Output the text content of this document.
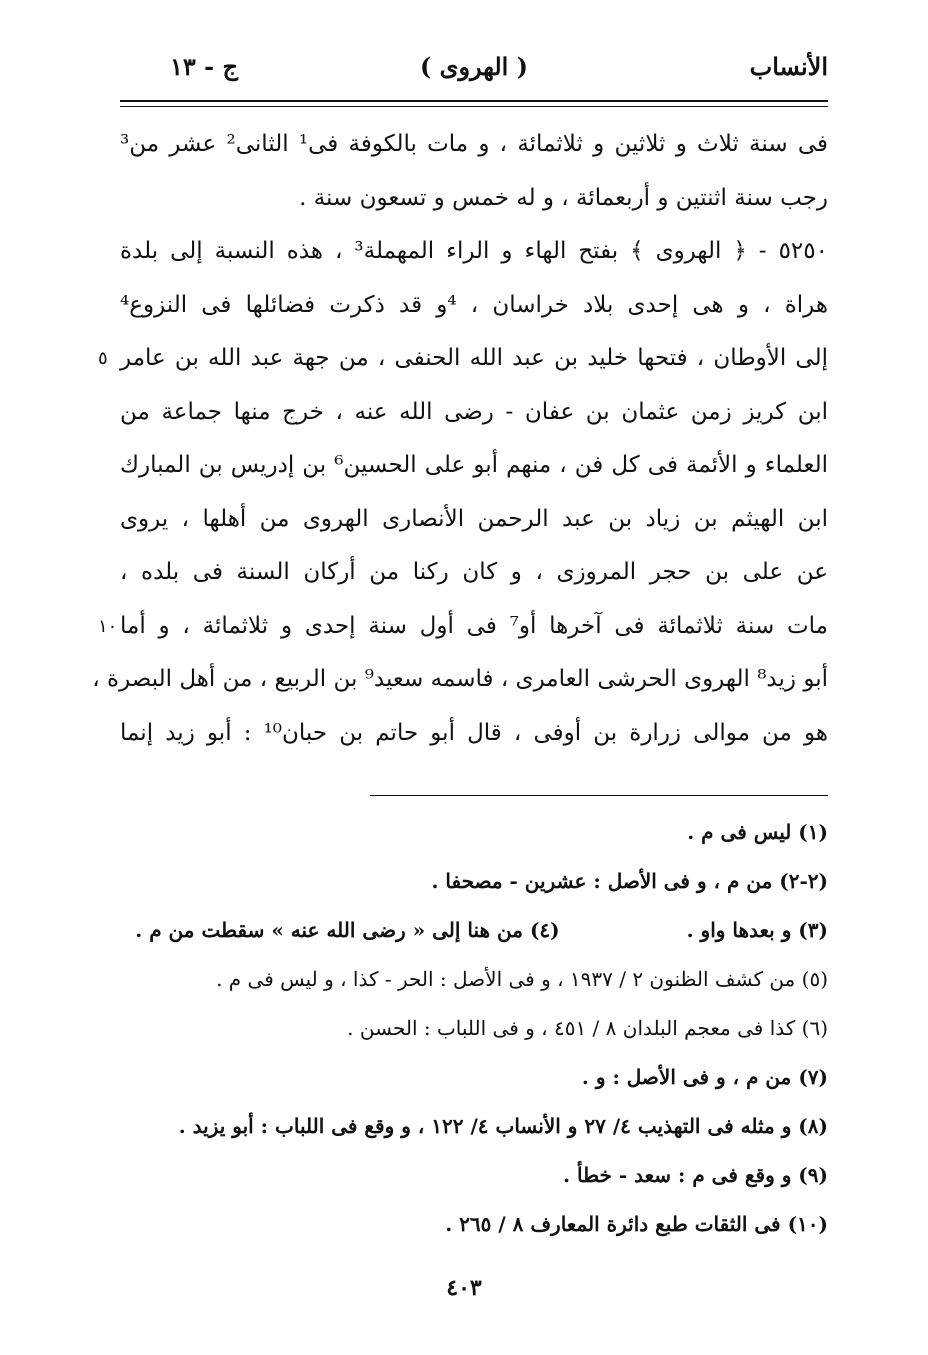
الأنساب
( الهروى )
ج - ١٣
فى سنة ثلاث و ثلاثين و ثلاثمائة ، و مات بالكوفة فى¹ الثانى² عشر من³
رجب سنة اثنتين و أربعمائة ، و له خمس و تسعون سنة .
٥٢٥٠ - ﴿ الهروى ﴾ بفتح الهاء و الراء المهملة³ ، هذه النسبة إلى بلدة
هراة ، و هى إحدى بلاد خراسان ، ⁴و قد ذكرت فضائلها فى النزوع⁴
إلى الأوطان ، فتحها خليد بن عبد الله الحنفى ، من جهة عبد الله بن عامر
٥
ابن كريز زمن عثمان بن عفان - رضى الله عنه ، خرج منها جماعة من
العلماء و الأئمة فى كل فن ، منهم أبو على الحسين⁶ بن إدريس بن المبارك
ابن الهيثم بن زياد بن عبد الرحمن الأنصارى الهروى من أهلها ، يروى
عن على بن حجر المروزى ، و كان ركنا من أركان السنة فى بلده ،
مات سنة ثلاثمائة فى آخرها أو⁷ فى أول سنة إحدى و ثلاثمائة ، و أما
١٠
أبو زيد⁸ الهروى الحرشى العامرى ، فاسمه سعيد⁹ بن الربيع ، من أهل البصرة ،
هو من موالى زرارة بن أوفى ، قال أبو حاتم بن حبان¹⁰ : أبو زيد إنما
(١) ليس فى م .
(٢-٢) من م ، و فى الأصل : عشرين - مصحفا .
(٣) و بعدها واو . (٤) من هنا إلى « رضى الله عنه » سقطت من م .
(٥) من كشف الظنون ٢ / ١٩٣٧ ، و فى الأصل : الحر - كذا ، و ليس فى م .
(٦) كذا فى معجم البلدان ٨ / ٤٥١ ، و فى اللباب : الحسن .
(٧) من م ، و فى الأصل : و .
(٨) و مثله فى التهذيب ٤/ ٢٧ و الأنساب ٤/ ١٢٢ ، و وقع فى اللباب : أبو يزيد .
(٩) و وقع فى م : سعد - خطأ .
(١٠) فى الثقات طبع دائرة المعارف ٨ / ٢٦٥ .
٤٠٣
